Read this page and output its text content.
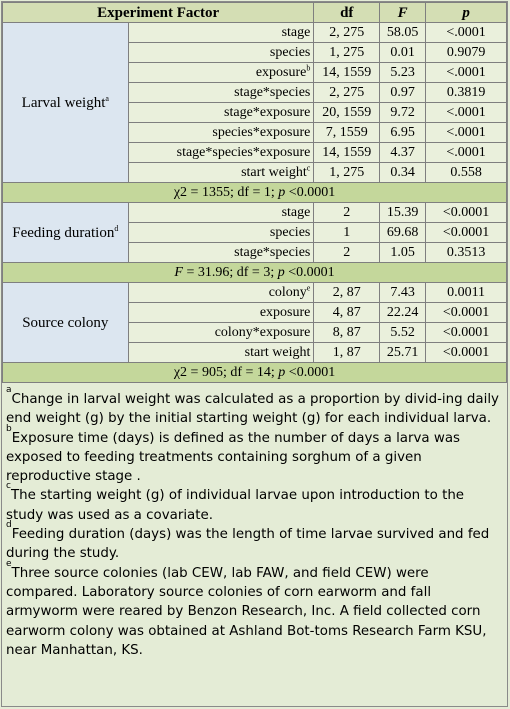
Experiment Factor		df	F	p
Larval weight$^a$	stage	2, 275	58.05	<.0001
	species	1, 275	0.01	0.9079
	exposure$^b$	14, 1559	5.23	<.0001
	stage*species	2, 275	0.97	0.3819
	stage*exposure	20, 1559	9.72	<.0001
	species*exposure	7, 1559	6.95	<.0001
	stage*species*exposure	14, 1559	4.37	<.0001
	start weight$^c$	1, 275	0.34	0.558
χ2 = 1355; df = 1; p <0.0001				
Feeding duration$^d$	stage	2	15.39	<0.0001
	species	1	69.68	<0.0001
	stage*species	2	1.05	0.3513
F = 31.96; df = 3; p <0.0001				
Source colony	colony$^e$	2, 87	7.43	0.0011
	exposure	4, 87	22.24	<0.0001
	colony*exposure	8, 87	5.52	<0.0001
	start weight	1, 87	25.71	<0.0001
χ2 = 905; df = 14; p <0.0001				

$^a$Change in larval weight was calculated as a proportion by divid-ing daily end weight (g) by the initial starting weight (g) for each individual larva.

$^b$Exposure time (days) is defined as the number of days a larva was exposed to feeding treatments containing sorghum of a given reproductive stage .

$^c$The starting weight (g) of individual larvae upon introduction to the study was used as a covariate.

$^d$Feeding duration (days) was the length of time larvae survived and fed during the study.

$^e$Three source colonies (lab CEW, lab FAW, and field CEW) were compared. Laboratory source colonies of corn earworm and fall armyworm were reared by Benzon Research, Inc. A field collected corn earworm colony was obtained at Ashland Bot-toms Research Farm KSU, near Manhattan, KS.
